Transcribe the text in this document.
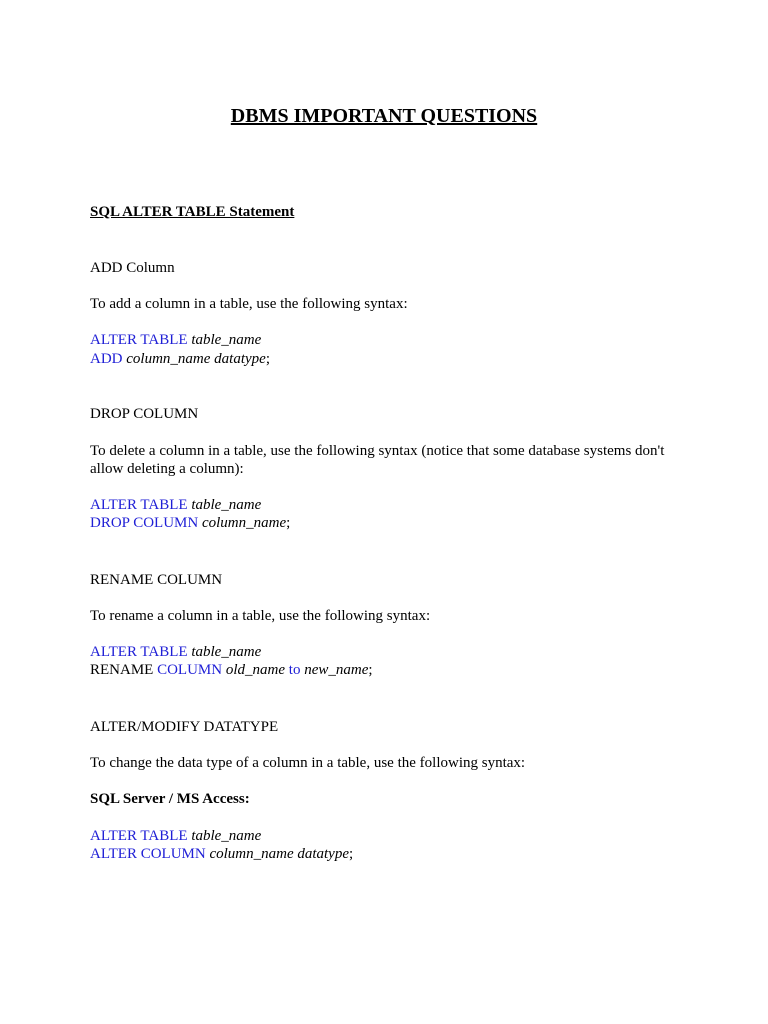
DBMS IMPORTANT QUESTIONS
SQL ALTER TABLE Statement
ADD Column
To add a column in a table, use the following syntax:
ALTER TABLE table_name
ADD column_name datatype;
DROP COLUMN
To delete a column in a table, use the following syntax (notice that some database systems don't
allow deleting a column):
ALTER TABLE table_name
DROP COLUMN column_name;
RENAME COLUMN
To rename a column in a table, use the following syntax:
ALTER TABLE table_name
RENAME COLUMN old_name to new_name;
ALTER/MODIFY DATATYPE
To change the data type of a column in a table, use the following syntax:
SQL Server / MS Access:
ALTER TABLE table_name
ALTER COLUMN column_name datatype;
